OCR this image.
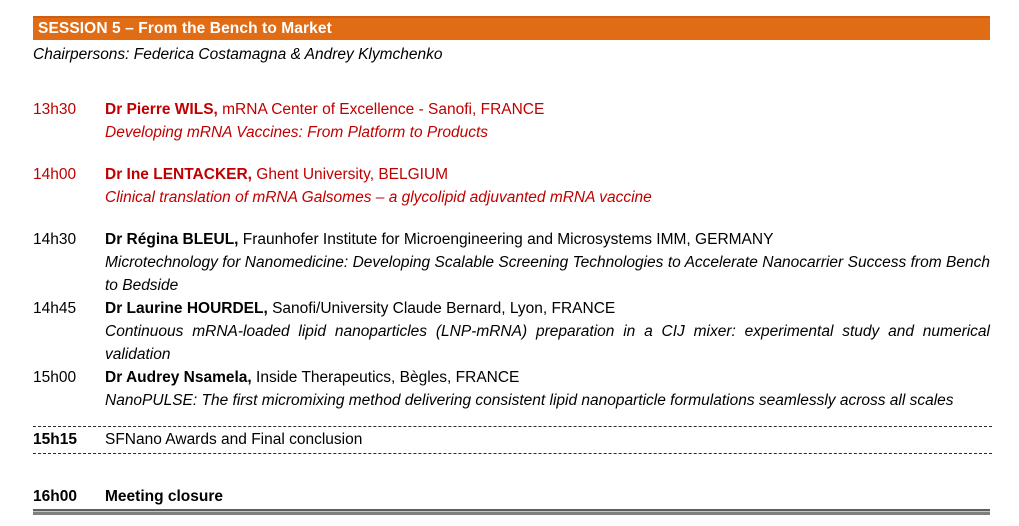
SESSION 5 – From the Bench to Market
Chairpersons: Federica Costamagna & Andrey Klymchenko
13h30	Dr Pierre WILS, mRNA Center of Excellence - Sanofi, FRANCE
Developing mRNA Vaccines: From Platform to Products
14h00	Dr Ine LENTACKER, Ghent University, BELGIUM
Clinical translation of mRNA Galsomes – a glycolipid adjuvanted mRNA vaccine
14h30	Dr Régina BLEUL, Fraunhofer Institute for Microengineering and Microsystems IMM, GERMANY
Microtechnology for Nanomedicine: Developing Scalable Screening Technologies to Accelerate Nanocarrier Success from Bench to Bedside
14h45	Dr Laurine HOURDEL, Sanofi/University Claude Bernard, Lyon, FRANCE
Continuous mRNA-loaded lipid nanoparticles (LNP-mRNA) preparation in a CIJ mixer: experimental study and numerical validation
15h00	Dr Audrey Nsamela, Inside Therapeutics, Bègles, FRANCE
NanoPULSE: The first micromixing method delivering consistent lipid nanoparticle formulations seamlessly across all scales
15h15	SFNano Awards and Final conclusion
16h00	Meeting closure
